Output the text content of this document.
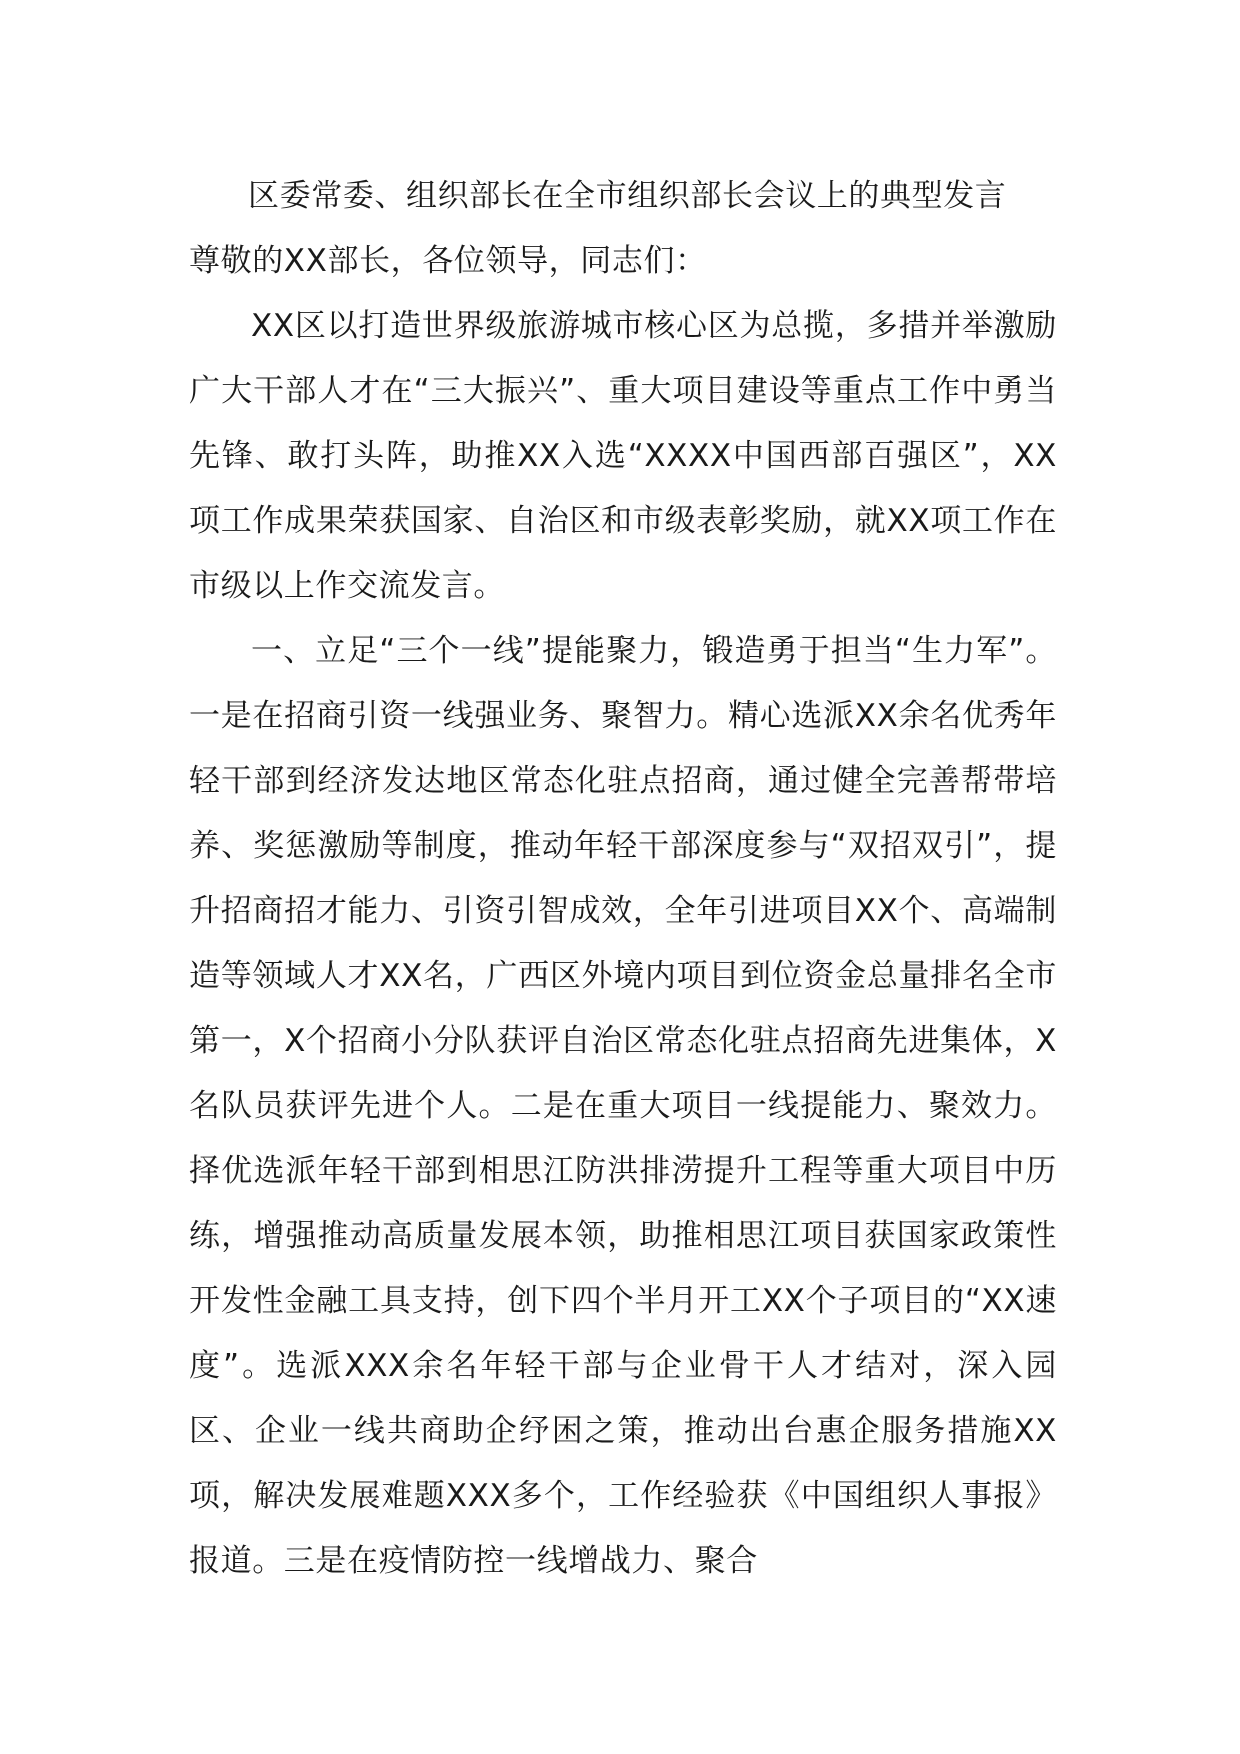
区委常委、组织部长在全市组织部长会议上的典型发言
尊敬的XX部长，各位领导，同志们：

XX区以打造世界级旅游城市核心区为总揽，多措并举激励广大干部人才在“三大振兴”、重大项目建设等重点工作中勇当先锋、敢打头阵，助推XX入选“XXXX中国西部百强区”，XX项工作成果荣获国家、自治区和市级表彰奖励，就XX项工作在市级以上作交流发言。

一、立足“三个一线”提能聚力，锻造勇于担当“生力军”。一是在招商引资一线强业务、聚智力。精心选派XX余名优秀年轻干部到经济发达地区常态化驻点招商，通过健全完善帮带培养、奖惩激励等制度，推动年轻干部深度参与“双招双引”，提升招商招才能力、引资引智成效，全年引进项目XX个、高端制造等领域人才XX名，广西区外境内项目到位资金总量排名全市第一，X个招商小分队获评自治区常态化驻点招商先进集体，X名队员获评先进个人。二是在重大项目一线提能力、聚效力。择优选派年轻干部到相思江防洪排涝提升工程等重大项目中历练，增强推动高质量发展本领，助推相思江项目获国家政策性开发性金融工具支持，创下四个半月开工XX个子项目的“XX速度”。选派XXX余名年轻干部与企业骨干人才结对，深入园区、企业一线共商助企纾困之策，推动出台惠企服务措施XX项，解决发展难题XXX多个，工作经验获《中国组织人事报》报道。三是在疫情防控一线增战力、聚合
